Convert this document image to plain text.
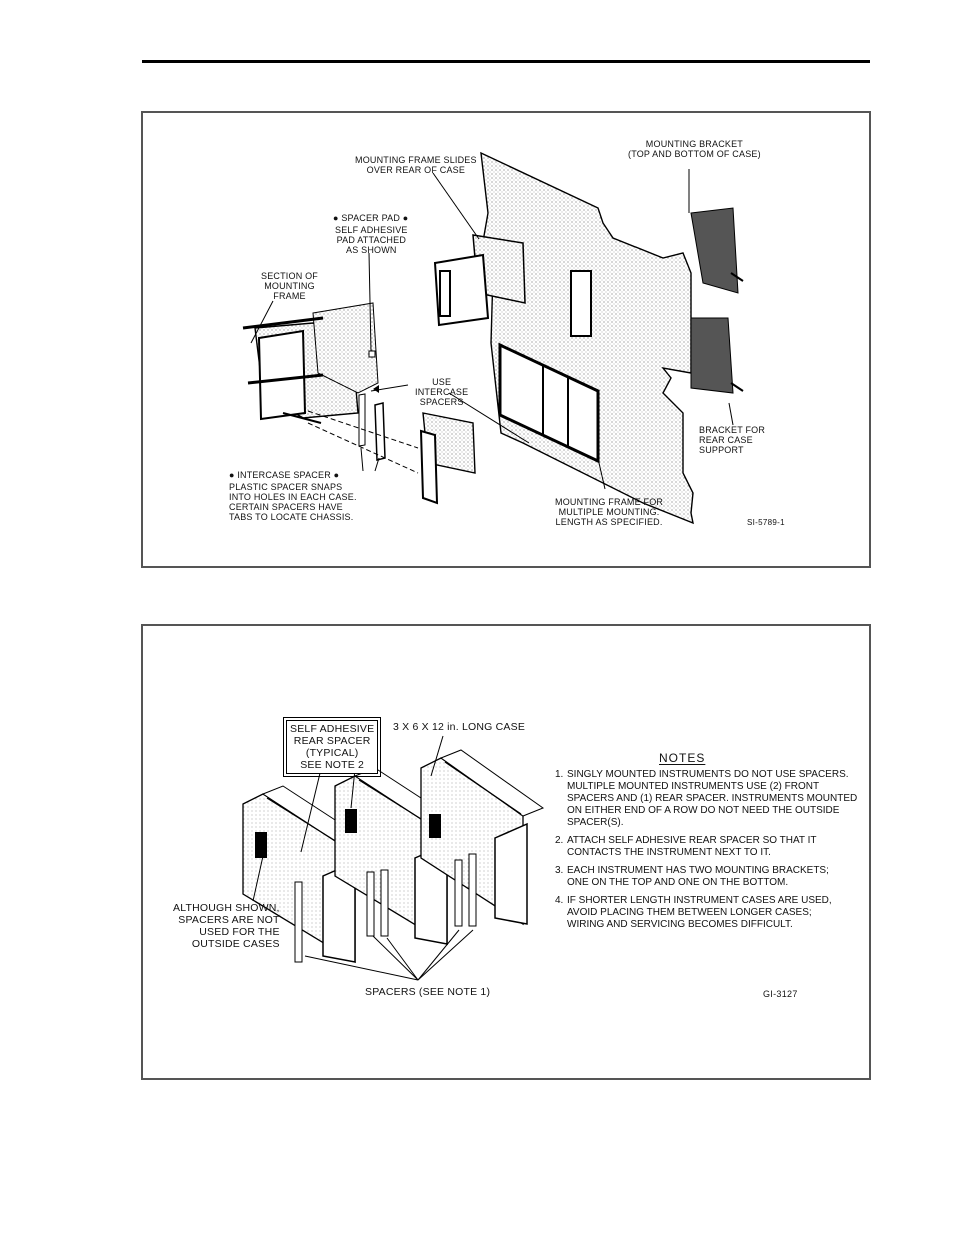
MOUNTING BRACKET
(TOP AND BOTTOM OF CASE)
MOUNTING FRAME SLIDES
OVER REAR OF CASE
● SPACER PAD ●
SELF ADHESIVE
PAD ATTACHED
AS SHOWN
SECTION OF
MOUNTING
FRAME
USE
INTERCASE
SPACERS
BRACKET FOR
REAR CASE
SUPPORT
● INTERCASE SPACER ●
PLASTIC SPACER SNAPS
INTO HOLES IN EACH CASE.
CERTAIN SPACERS HAVE
TABS TO LOCATE CHASSIS.
MOUNTING FRAME FOR
MULTIPLE MOUNTING.
LENGTH AS SPECIFIED.	SI-5789-1
SELF ADHESIVE
REAR SPACER
(TYPICAL)
SEE NOTE 2
3 X 6 X 12 in. LONG CASE
ALTHOUGH SHOWN,
SPACERS ARE NOT
USED FOR THE
OUTSIDE CASES
SPACERS (SEE NOTE 1)	GI-3127
NOTES
1. SINGLY MOUNTED INSTRUMENTS DO NOT USE SPACERS.
MULTIPLE MOUNTED INSTRUMENTS USE (2) FRONT
SPACERS AND (1) REAR SPACER. INSTRUMENTS MOUNTED
ON EITHER END OF A ROW DO NOT NEED THE OUTSIDE
SPACER(S).
2. ATTACH SELF ADHESIVE REAR SPACER SO THAT IT
CONTACTS THE INSTRUMENT NEXT TO IT.
3. EACH INSTRUMENT HAS TWO MOUNTING BRACKETS;
ONE ON THE TOP AND ONE ON THE BOTTOM.
4. IF SHORTER LENGTH INSTRUMENT CASES ARE USED,
AVOID PLACING THEM BETWEEN LONGER CASES;
WIRING AND SERVICING BECOMES DIFFICULT.
